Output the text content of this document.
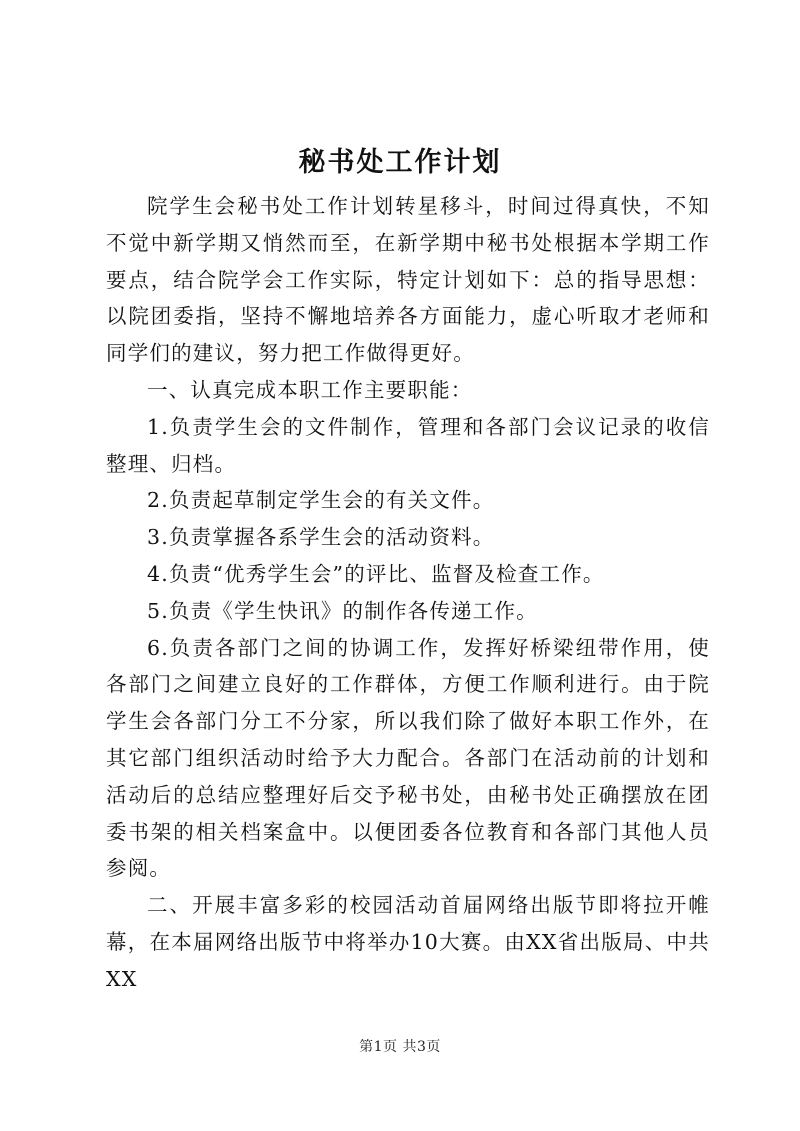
秘书处工作计划

院学生会秘书处工作计划转星移斗，时间过得真快，不知不觉中新学期又悄然而至，在新学期中秘书处根据本学期工作要点，结合院学会工作实际，特定计划如下：总的指导思想：以院团委指，坚持不懈地培养各方面能力，虚心听取才老师和同学们的建议，努力把工作做得更好。

一、认真完成本职工作主要职能：

1.负责学生会的文件制作，管理和各部门会议记录的收信整理、归档。

2.负责起草制定学生会的有关文件。

3.负责掌握各系学生会的活动资料。

4.负责“优秀学生会”的评比、监督及检查工作。

5.负责《学生快讯》的制作各传递工作。

6.负责各部门之间的协调工作，发挥好桥梁纽带作用，使各部门之间建立良好的工作群体，方便工作顺利进行。由于院学生会各部门分工不分家，所以我们除了做好本职工作外，在其它部门组织活动时给予大力配合。各部门在活动前的计划和活动后的总结应整理好后交予秘书处，由秘书处正确摆放在团委书架的相关档案盒中。以便团委各位教育和各部门其他人员参阅。

二、开展丰富多彩的校园活动首届网络出版节即将拉开帷幕，在本届网络出版节中将举办10大赛。由XX省出版局、中共XX

第1页 共3页
